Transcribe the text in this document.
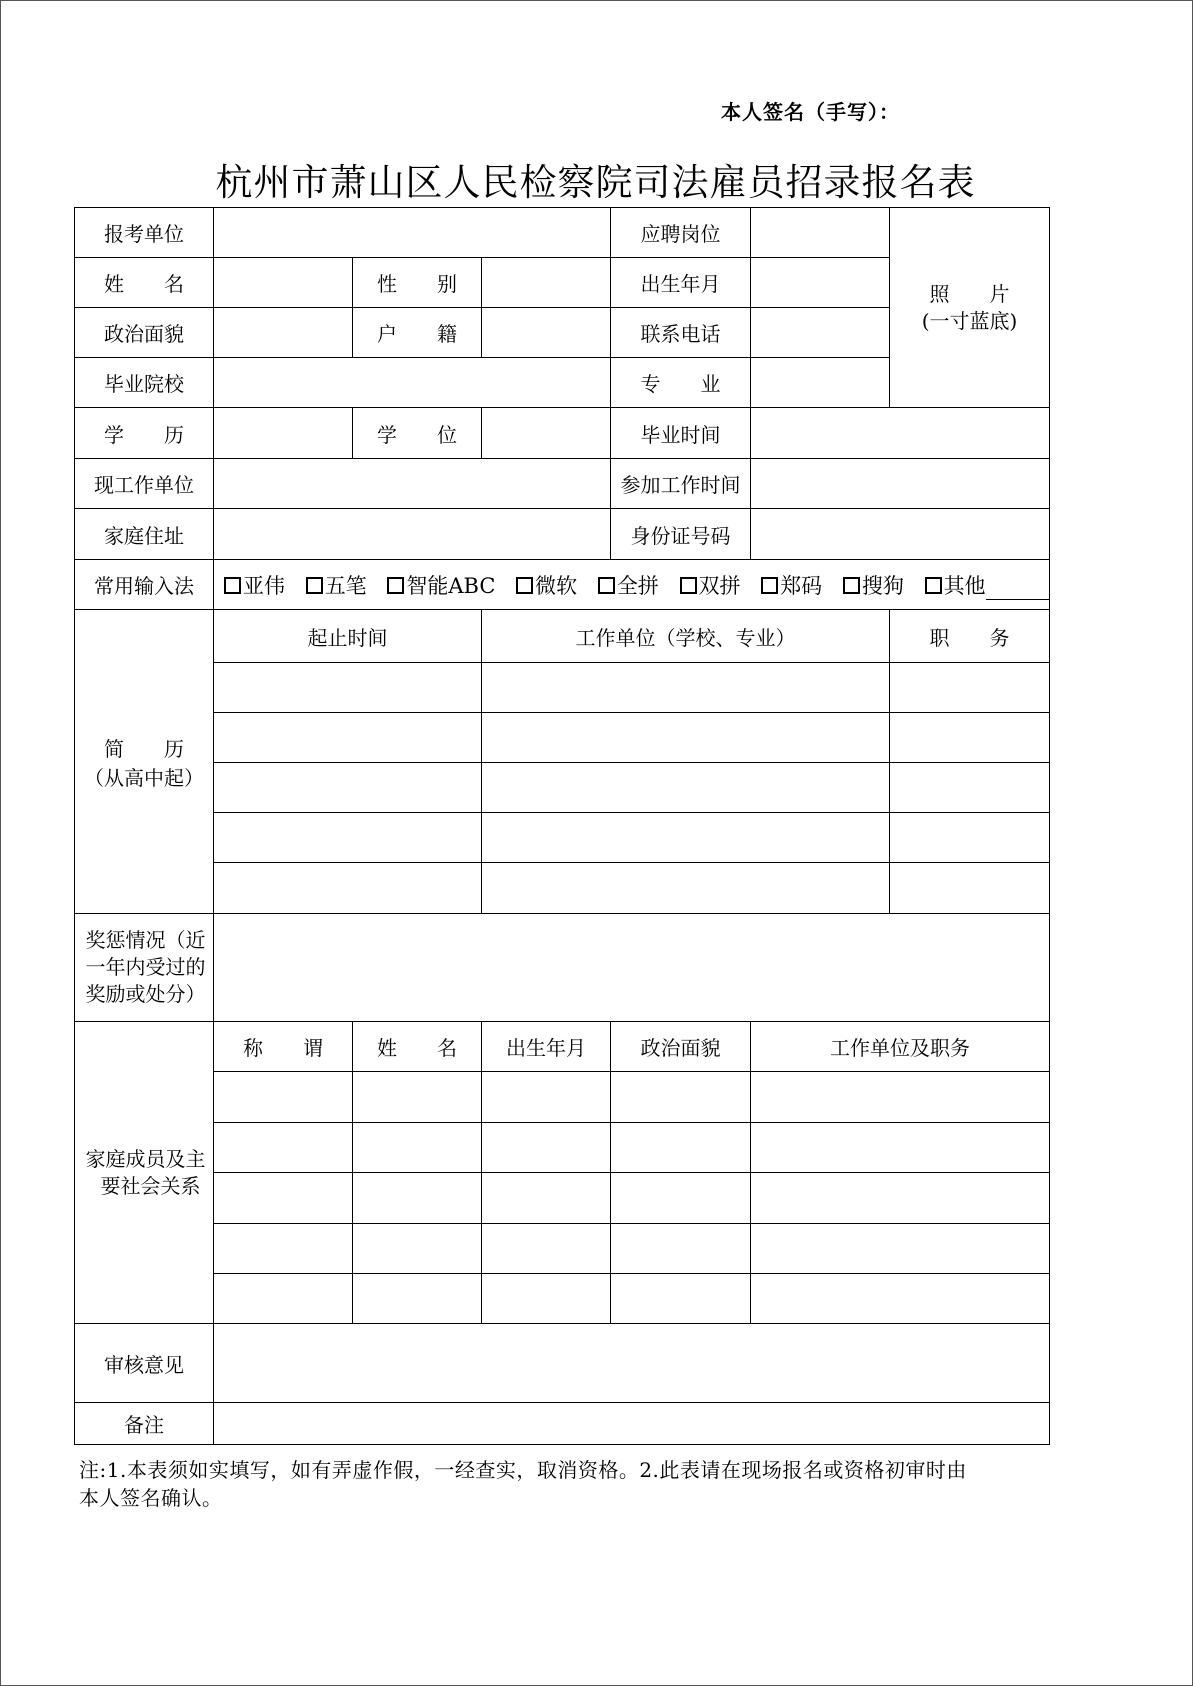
本人签名（手写）：
杭州市萧山区人民检察院司法雇员招录报名表
报考单位				应聘岗位		照　　片
(一寸蓝底)

姓　　名		性　　别		出生年月		
政治面貌		户　　籍		联系电话		
毕业院校				专　　业		
学　　历		学　　位		毕业时间		
现工作单位				参加工作时间		
家庭住址				身份证号码		
常用输入法	亚伟 五笔 智能ABC 微软 全拼 双拼 郑码 搜狗 其他					

简　　历
（从高中起）	起止时间		工作单位（学校、专业）			职　　务

奖惩情况（近
一年内受过的
奖励或处分）						

家庭成员及主
要社会关系	称　　谓	姓　　名	出生年月	政治面貌	工作单位及职务	

审核意见						
备注						
注:1.本表须如实填写，如有弄虚作假，一经查实，取消资格。2.此表请在现场报名或资格初审时由
本人签名确认。
